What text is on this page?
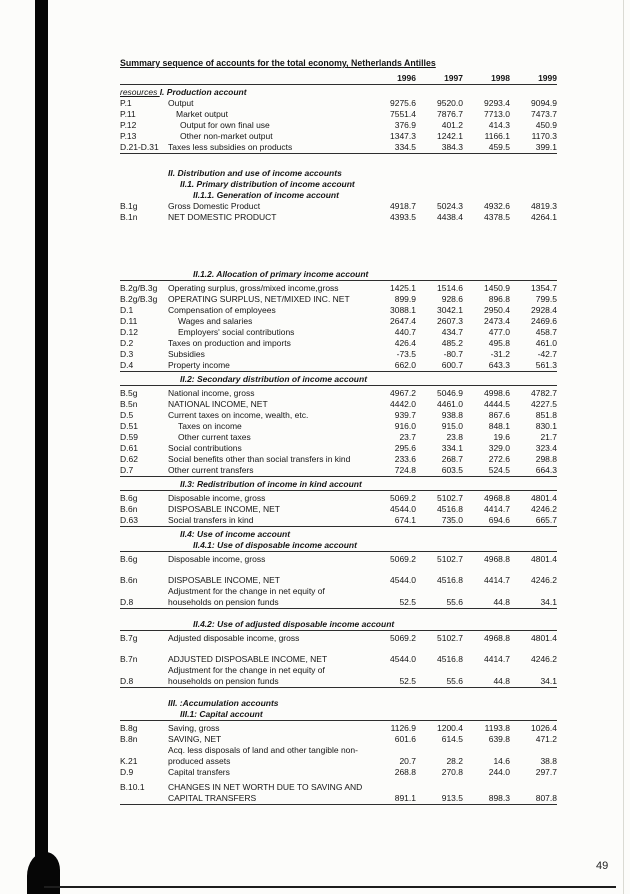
Summary sequence of accounts for the total economy, Netherlands Antilles
1996	1997	1998	1999
resources I. Production account
P.1	Output	9275.6	9520.0	9293.4	9094.9
P.11	Market output	7551.4	7876.7	7713.0	7473.7
P.12	Output for own final use	376.9	401.2	414.3	450.9
P.13	Other non-market output	1347.3	1242.1	1166.1	1170.3
D.21-D.31	Taxes less subsidies on products	334.5	384.3	459.5	399.1
II. Distribution and use of income accounts
II.1. Primary distribution of income account
II.1.1. Generation of income account
B.1g	Gross Domestic Product	4918.7	5024.3	4932.6	4819.3
B.1n	NET DOMESTIC PRODUCT	4393.5	4438.4	4378.5	4264.1
II.1.2. Allocation of primary income account
B.2g/B.3g	Operating surplus, gross/mixed income,gross	1425.1	1514.6	1450.9	1354.7
B.2g/B.3g	OPERATING SURPLUS, NET/MIXED INC. NET	899.9	928.6	896.8	799.5
D.1	Compensation of employees	3088.1	3042.1	2950.4	2928.4
D.11	Wages and salaries	2647.4	2607.3	2473.4	2469.6
D.12	Employers' social contributions	440.7	434.7	477.0	458.7
D.2	Taxes on production and imports	426.4	485.2	495.8	461.0
D.3	Subsidies	-73.5	-80.7	-31.2	-42.7
D.4	Property income	662.0	600.7	643.3	561.3
II.2: Secondary distribution of income account
B.5g	National income, gross	4967.2	5046.9	4998.6	4782.7
B.5n	NATIONAL INCOME, NET	4442.0	4461.0	4444.5	4227.5
D.5	Current taxes on income, wealth, etc.	939.7	938.8	867.6	851.8
D.51	Taxes on income	916.0	915.0	848.1	830.1
D.59	Other current taxes	23.7	23.8	19.6	21.7
D.61	Social contributions	295.6	334.1	329.0	323.4
D.62	Social benefits other than social transfers in kind	233.6	268.7	272.6	298.8
D.7	Other current transfers	724.8	603.5	524.5	664.3
II.3: Redistribution of income in kind account
B.6g	Disposable income, gross	5069.2	5102.7	4968.8	4801.4
B.6n	DISPOSABLE INCOME, NET	4544.0	4516.8	4414.7	4246.2
D.63	Social transfers in kind	674.1	735.0	694.6	665.7
II.4: Use of income account
II.4.1: Use of disposable income account
B.6g	Disposable income, gross	5069.2	5102.7	4968.8	4801.4
B.6n	DISPOSABLE INCOME, NET	4544.0	4516.8	4414.7	4246.2
Adjustment for the change in net equity of
D.8	households on pension funds	52.5	55.6	44.8	34.1
II.4.2: Use of adjusted disposable income account
B.7g	Adjusted disposable income, gross	5069.2	5102.7	4968.8	4801.4
B.7n	ADJUSTED DISPOSABLE INCOME, NET	4544.0	4516.8	4414.7	4246.2
Adjustment for the change in net equity of
D.8	households on pension funds	52.5	55.6	44.8	34.1
III. :Accumulation accounts
III.1: Capital account
B.8g	Saving, gross	1126.9	1200.4	1193.8	1026.4
B.8n	SAVING, NET	601.6	614.5	639.8	471.2
Acq. less disposals of land and other tangible non-
K.21	produced assets	20.7	28.2	14.6	38.8
D.9	Capital transfers	268.8	270.8	244.0	297.7
B.10.1	CHANGES IN NET WORTH DUE TO SAVING AND
CAPITAL TRANSFERS	891.1	913.5	898.3	807.8
49
